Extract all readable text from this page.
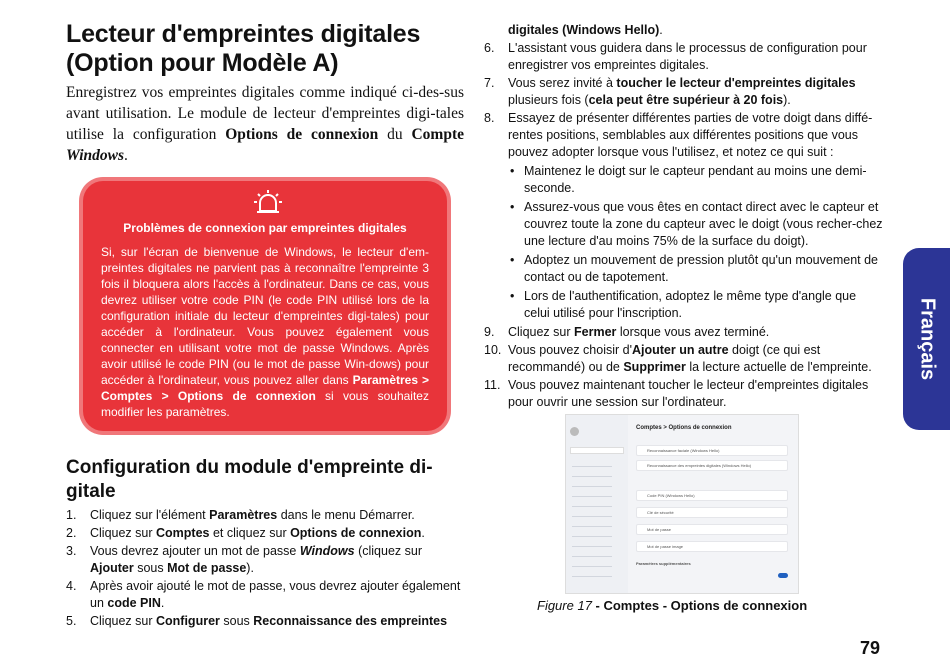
Lecteur d'empreintes digitales
(Option pour Modèle A)

Enregistrez vos empreintes digitales comme indiqué ci-des-sus avant utilisation. Le module de lecteur d'empreintes digi-tales utilise la configuration Options de connexion du Compte Windows.

Problèmes de connexion par empreintes digitales
Si, sur l'écran de bienvenue de Windows, le lecteur d'em-preintes digitales ne parvient pas à reconnaître l'empreinte 3 fois il bloquera alors l'accès à l'ordinateur. Dans ce cas, vous devrez utiliser votre code PIN (le code PIN utilisé lors de la configuration initiale du lecteur d'empreintes digi-tales) pour accéder à l'ordinateur. Vous pouvez également vous connecter en utilisant votre mot de passe Windows. Après avoir utilisé le code PIN (ou le mot de passe Win-dows) pour accéder à l'ordinateur, vous pouvez aller dans Paramètres > Comptes > Options de connexion si vous souhaitez modifier les paramètres.
Configuration du module d'empreinte di-gitale
1. Cliquez sur l'élément Paramètres dans le menu Démarrer.
2. Cliquez sur Comptes et cliquez sur Options de connexion.
3. Vous devrez ajouter un mot de passe Windows (cliquez sur Ajouter sous Mot de passe).
4. Après avoir ajouté le mot de passe, vous devrez ajouter également un code PIN.
5. Cliquez sur Configurer sous Reconnaissance des empreintes
digitales (Windows Hello).
6. L'assistant vous guidera dans le processus de configuration pour enregistrer vos empreintes digitales.
7. Vous serez invité à toucher le lecteur d'empreintes digitales plusieurs fois (cela peut être supérieur à 20 fois).
8. Essayez de présenter différentes parties de votre doigt dans diffé-rentes positions, semblables aux différentes positions que vous pouvez adopter lorsque vous l'utilisez, et notez ce qui suit :
• Maintenez le doigt sur le capteur pendant au moins une demi-seconde.
• Assurez-vous que vous êtes en contact direct avec le capteur et couvrez toute la zone du capteur avec le doigt (vous recher-chez une lecture d'au moins 75% de la surface du doigt).
• Adoptez un mouvement de pression plutôt qu'un mouvement de contact ou de tapotement.
• Lors de l'authentification, adoptez le même type d'angle que celui utilisé pour l'inscription.
9. Cliquez sur Fermer lorsque vous avez terminé.
10. Vous pouvez choisir d'Ajouter un autre doigt (ce qui est recommandé) ou de Supprimer la lecture actuelle de l'empreinte.
11. Vous pouvez maintenant toucher le lecteur d'empreintes digitales pour ouvrir une session sur l'ordinateur.
Comptes > Options de connexion
Reconnaissance faciale (Windows Hello)
Reconnaissance des empreintes digitales (Windows Hello)
Code PIN (Windows Hello)
Clé de sécurité
Mot de passe
Mot de passe image
Paramètres supplémentaires
Figure 17 - Comptes - Options de connexion
Français
79
